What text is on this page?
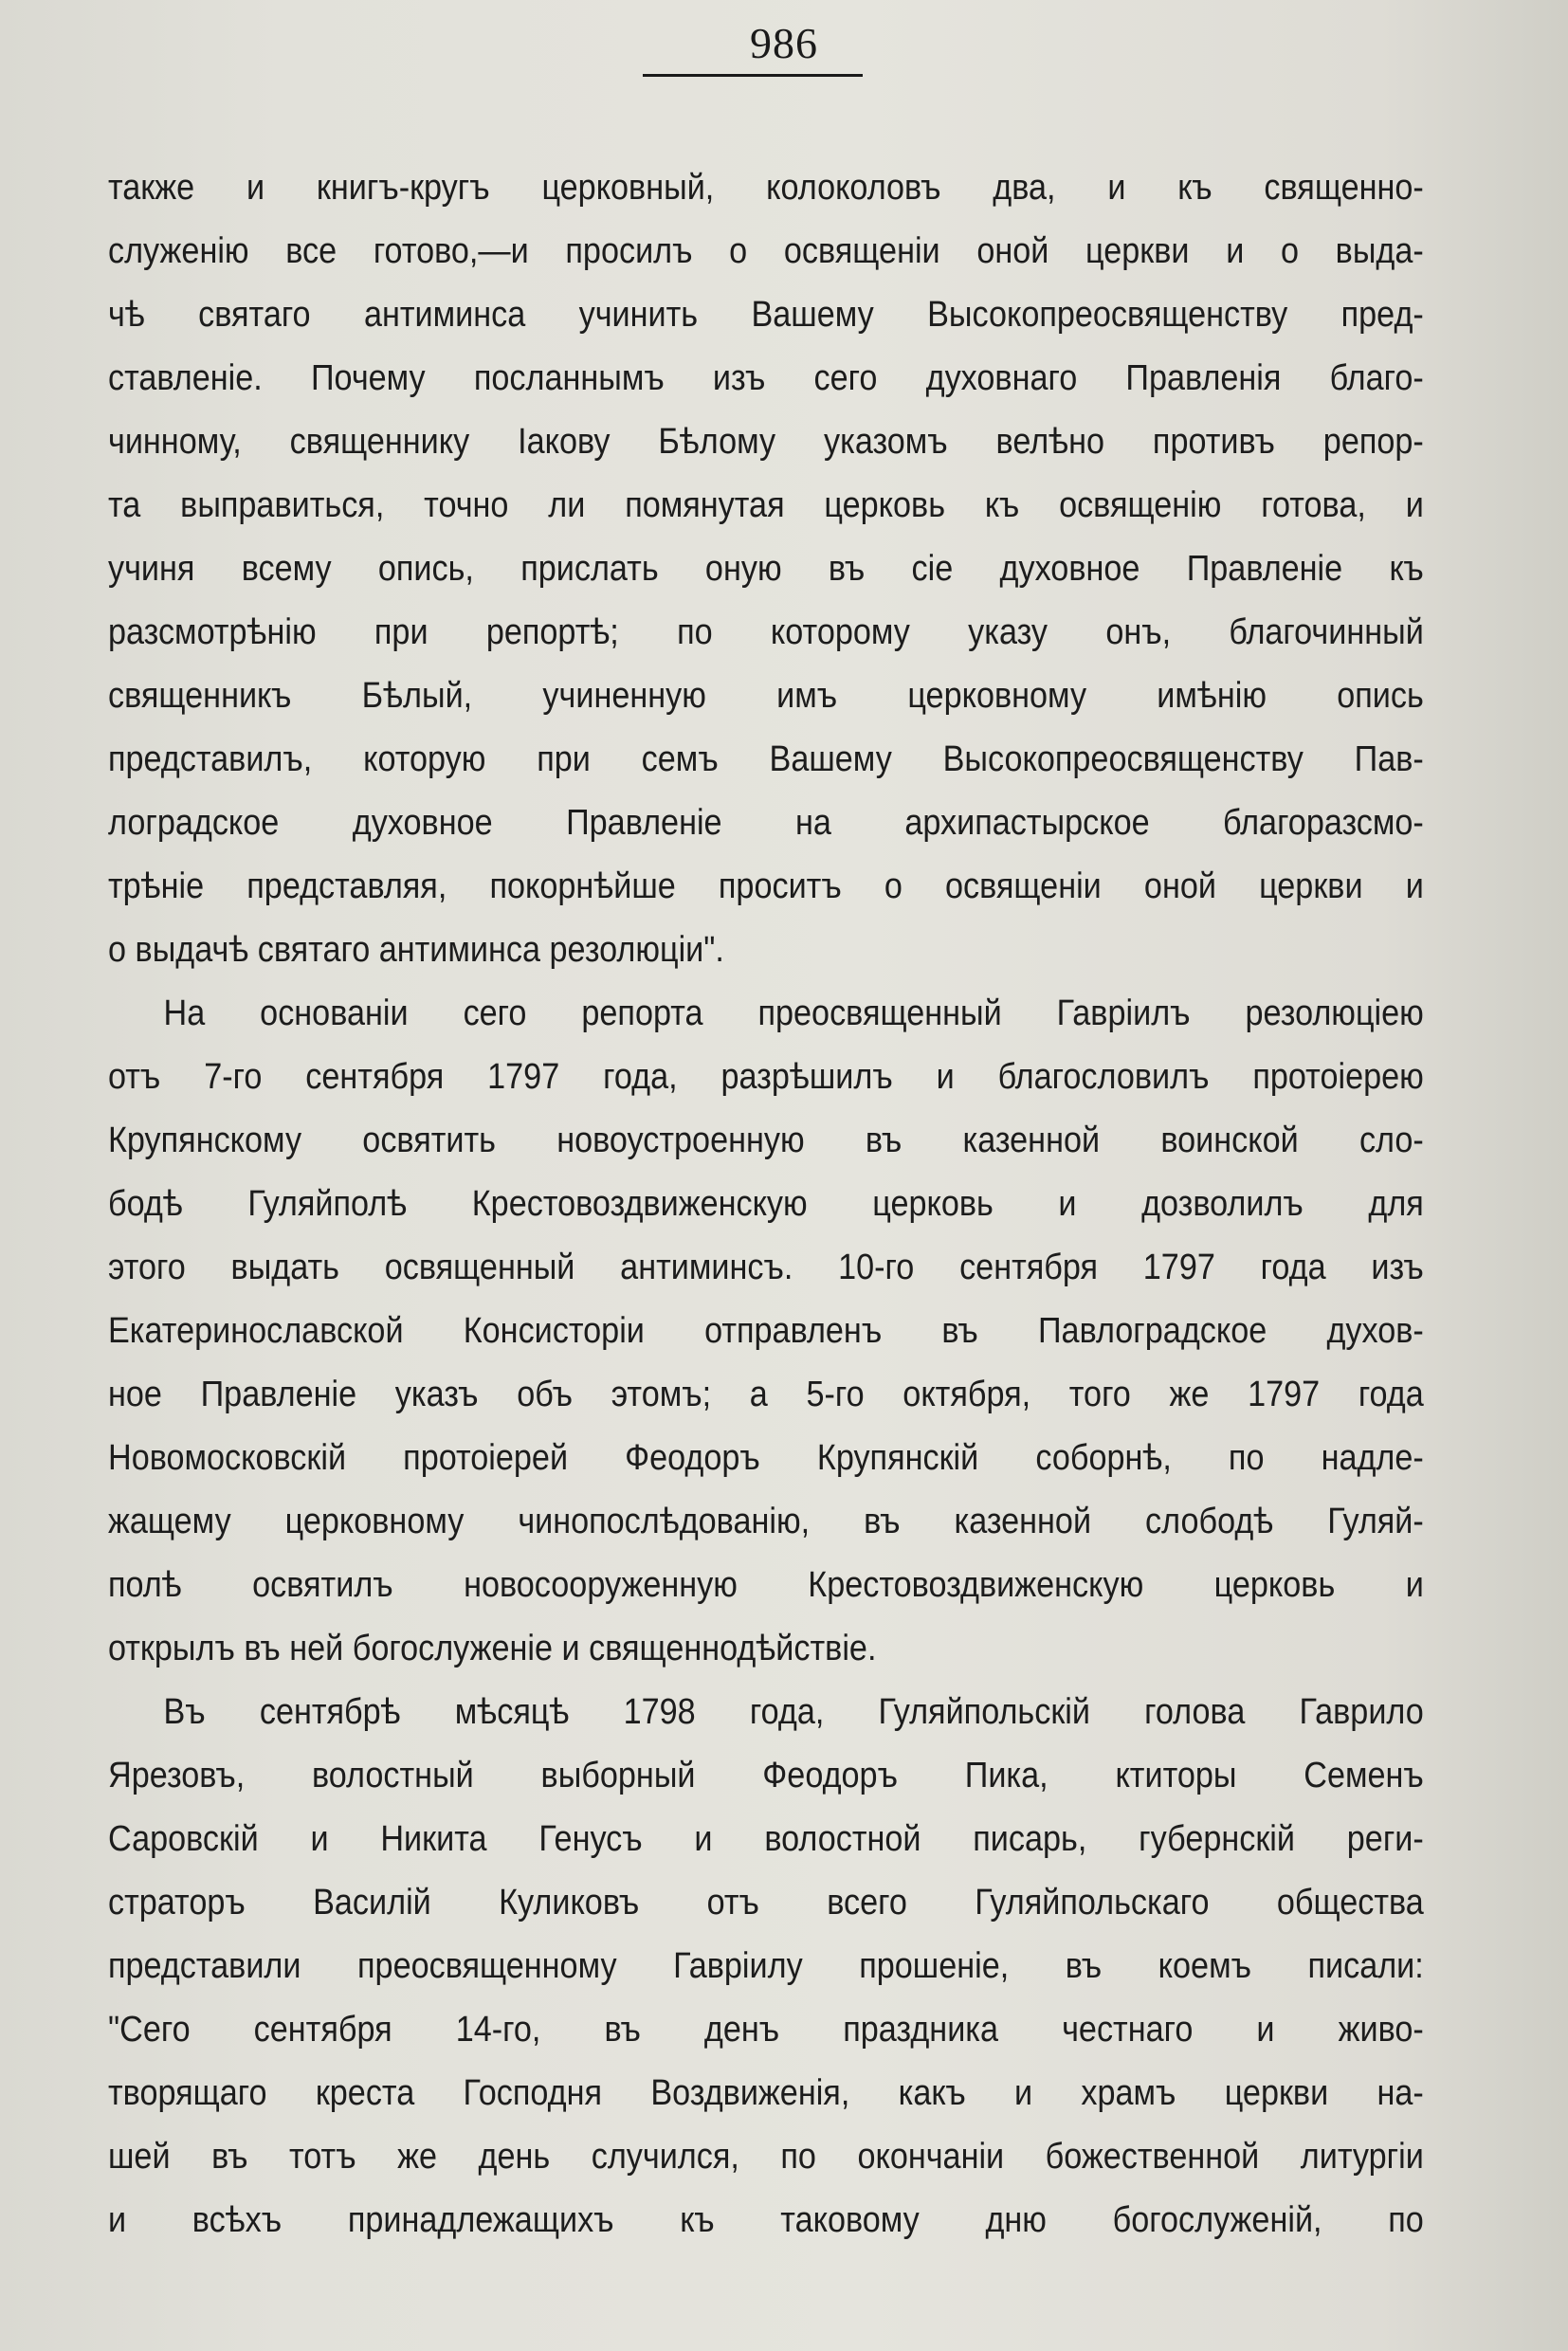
986
также и книгъ-кругъ церковный, колоколовъ два, и къ священно-
служенію все готово,—и просилъ о освященіи оной церкви и о выда-
чѣ святаго антиминса учинить Вашему Высокопреосвященству пред-
ставленіе. Почему посланнымъ изъ сего духовнаго Правленія благо-
чинному, священнику Іакову Бѣлому указомъ велѣно противъ репор-
та выправиться, точно ли помянутая церковь къ освященію готова, и
учиня всему опись, прислать оную въ сіе духовное Правленіе къ
разсмотрѣнію при репортѣ; по которому указу онъ, благочинный
священникъ Бѣлый, учиненную имъ церковному имѣнію опись
представилъ, которую при семъ Вашему Высокопреосвященству Пав-
лоградское духовное Правленіе на архипастырское благоразсмо-
трѣніе представляя, покорнѣйше проситъ о освященіи оной церкви и
о выдачѣ святаго антиминса резолюціи".
На основаніи сего репорта преосвященный Гавріилъ резолюціею
отъ 7-го сентября 1797 года, разрѣшилъ и благословилъ протоіерею
Крупянскому освятить новоустроенную въ казенной воинской сло-
бодѣ Гуляйполѣ Крестовоздвиженскую церковь и дозволилъ для
этого выдать освященный антиминсъ. 10-го сентября 1797 года изъ
Екатеринославской Консисторіи отправленъ въ Павлоградское духов-
ное Правленіе указъ объ этомъ; а 5-го октября, того же 1797 года
Новомосковскій протоіерей Феодоръ Крупянскій соборнѣ, по надле-
жащему церковному чинопослѣдованію, въ казенной слободѣ Гуляй-
полѣ освятилъ новосооруженную Крестовоздвиженскую церковь и
открылъ въ ней богослуженіе и священнодѣйствіе.
Въ сентябрѣ мѣсяцѣ 1798 года, Гуляйпольскій голова Гаврило
Ярезовъ, волостный выборный Феодоръ Пика, ктиторы Семенъ
Саровскій и Никита Генусъ и волостной писарь, губернскій реги-
страторъ Василій Куликовъ отъ всего Гуляйпольскаго общества
представили преосвященному Гавріилу прошеніе, въ коемъ писали:
"Сего сентября 14-го, въ денъ праздника честнаго и живо-
творящаго креста Господня Воздвиженія, какъ и храмъ церкви на-
шей въ тотъ же день случился, по окончаніи божественной литургіи
и всѣхъ принадлежащихъ къ таковому дню богослуженій, по
